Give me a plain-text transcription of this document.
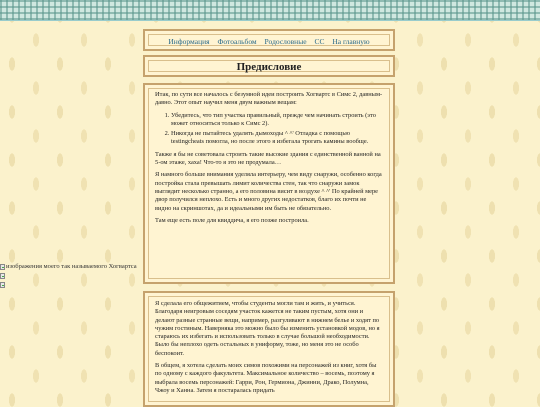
Информация Фотоальбом Родословные СС На главную
Предисловие

Итак, по сути все началось с безумной идеи построить Хогвартс в Симс 2, давным-давно. Этот опыт научил меня двум важным вещам:

1. Убедитесь, что тип участка правильный, прежде чем начинать строить (это может относиться только к Симс 2).
2. Никогда не пытайтесь удалять дымоходы ^ ^' Отладка с помощью testingcheats помогла, но после этого я избегала трогать камины вообще.

Также я бы не советовала строить такие высокие здания с единственной ванной на 5-ом этаже, хаха! Что-то я это не продумала…

Я намного больше внимания уделяла интерьеру, чем виду снаружи, особенно когда постройка стала превышать лимит количества стен, так что снаружи замок выглядит несколько странно, а его половина висит в воздухе ^ ^' По крайней мере двор получился неплохо. Есть и много других недостатков, благо их почти не видно на скриншотах, да и идеальными им быть не обязательно.

Там еще есть поле для квиддича, я его позже построила.

изображения моего так называемого Хогвартса

Я сделала его общежитием, чтобы студенты могли там и жить, и учиться. Благодаря неигровым соседям участок кажется не таким пустым, хотя они и делают разные странные вещи, например, разгуливают в нижнем белье и ходят по чужим гостиным. Наверняка это можно было бы изменить установкой модов, но я стараюсь их избегать и использовать только в случае большой необходимости. Было бы неплохо одеть остальных в униформу, тоже, но меня это не особо беспокоит.

В общем, я хотела сделать моих симов похожими на персонажей из книг, хотя бы по одному с каждого факультета. Максимальное количество – восемь, поэтому я выбрала восемь персонажей: Гарри, Рон, Гермиона, Джинни, Драко, Полумна, Чжоу и Ханна. Затем я постаралась придать
